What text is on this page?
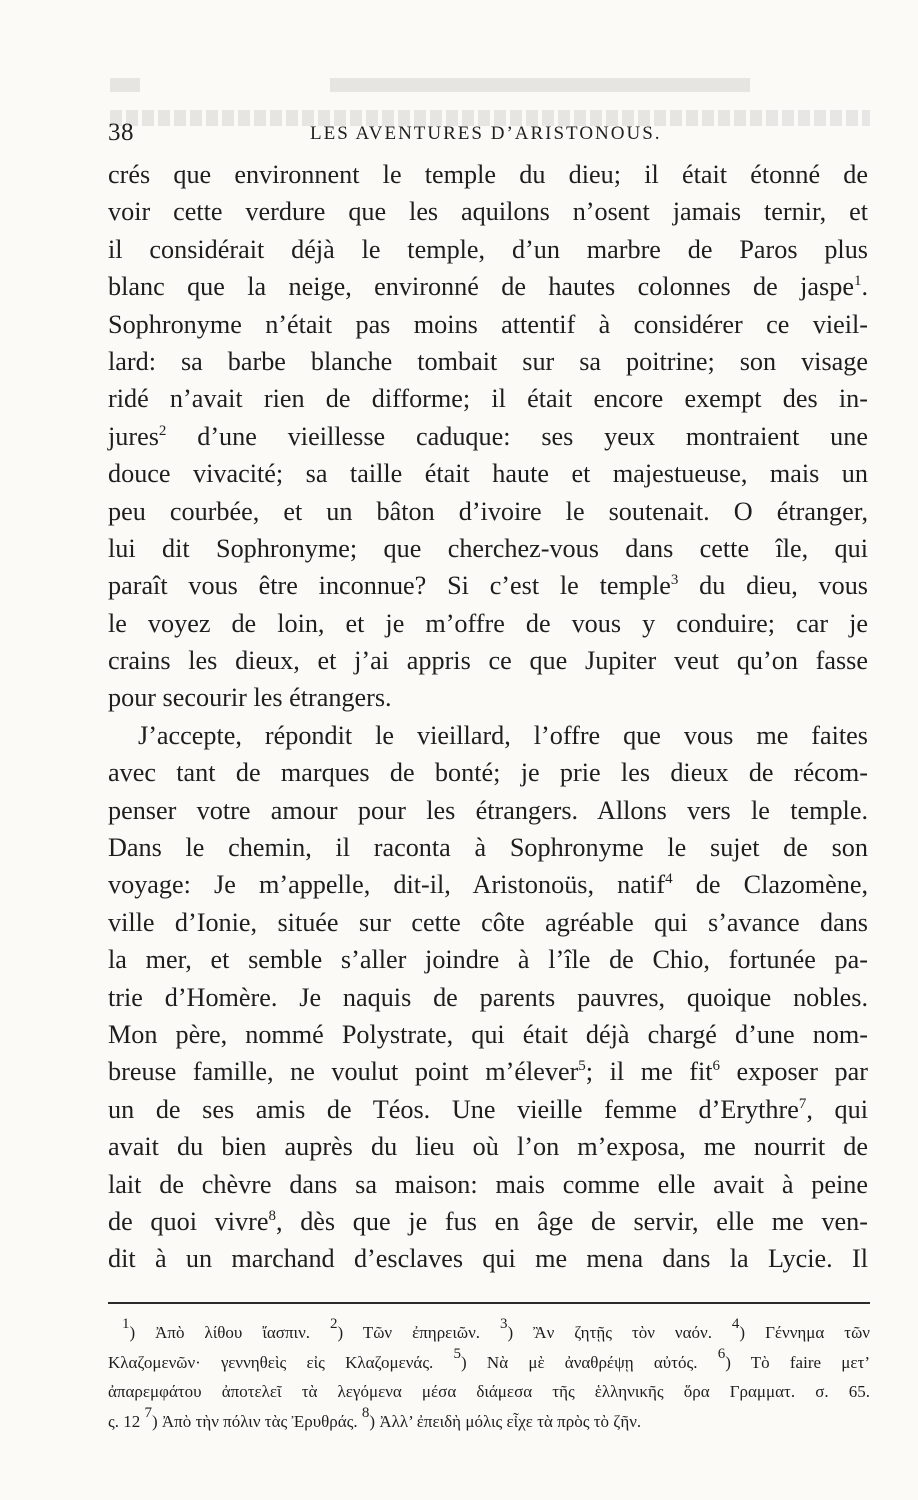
38	LES AVENTURES D’ARISTONOUS.
crés que environnent le temple du dieu; il était étonné de
voir cette verdure que les aquilons n’osent jamais ternir, et
il considérait déjà le temple, d’un marbre de Paros plus
blanc que la neige, environné de hautes colonnes de jaspe$^1$.
Sophronyme n’était pas moins attentif à considérer ce vieil-
lard: sa barbe blanche tombait sur sa poitrine; son visage
ridé n’avait rien de difforme; il était encore exempt des in-
jures$^2$ d’une vieillesse caduque: ses yeux montraient une
douce vivacité; sa taille était haute et majestueuse, mais un
peu courbée, et un bâton d’ivoire le soutenait. O étranger,
lui dit Sophronyme; que cherchez-vous dans cette île, qui
paraît vous être inconnue? Si c’est le temple$^3$ du dieu, vous
le voyez de loin, et je m’offre de vous y conduire; car je
crains les dieux, et j’ai appris ce que Jupiter veut qu’on fasse
pour secourir les étrangers.
J’accepte, répondit le vieillard, l’offre que vous me faites
avec tant de marques de bonté; je prie les dieux de récom-
penser votre amour pour les étrangers. Allons vers le temple.
Dans le chemin, il raconta à Sophronyme le sujet de son
voyage: Je m’appelle, dit-il, Aristonoüs, natif$^4$ de Clazomène,
ville d’Ionie, située sur cette côte agréable qui s’avance dans
la mer, et semble s’aller joindre à l’île de Chio, fortunée pa-
trie d’Homère. Je naquis de parents pauvres, quoique nobles.
Mon père, nommé Polystrate, qui était déjà chargé d’une nom-
breuse famille, ne voulut point m’élever$^5$; il me fit$^6$ exposer par
un de ses amis de Téos. Une vieille femme d’Erythre$^7$, qui
avait du bien auprès du lieu où l’on m’exposa, me nourrit de
lait de chèvre dans sa maison: mais comme elle avait à peine
de quoi vivre$^8$, dès que je fus en âge de servir, elle me ven-
dit à un marchand d’esclaves qui me mena dans la Lycie. Il
$^1$) Ἀπὸ λίθου ἴασπιν. $^2$) Τῶν ἐπηρειῶν. $^3$) Ἂν ζητῇς τὸν ναόν. $^4$) Γέννημα τῶν
Κλαζομενῶν· γεννηθεὶς εἰς Κλαζομενάς. $^5$) Νὰ μὲ ἀναθρέψῃ αὐτός. $^6$) Τὸ faire μετ’
ἀπαρεμφάτου ἀποτελεῖ τὰ λεγόμενα μέσα διάμεσα τῆς ἑλληνικῆς ὅρα Γραμματ. σ. 65.
ς. 12 $^7$) Ἀπὸ τὴν πόλιν τὰς Ἐρυθράς. $^8$) Ἀλλ’ ἐπειδὴ μόλις εἶχε τὰ πρὸς τὸ ζῆν.
